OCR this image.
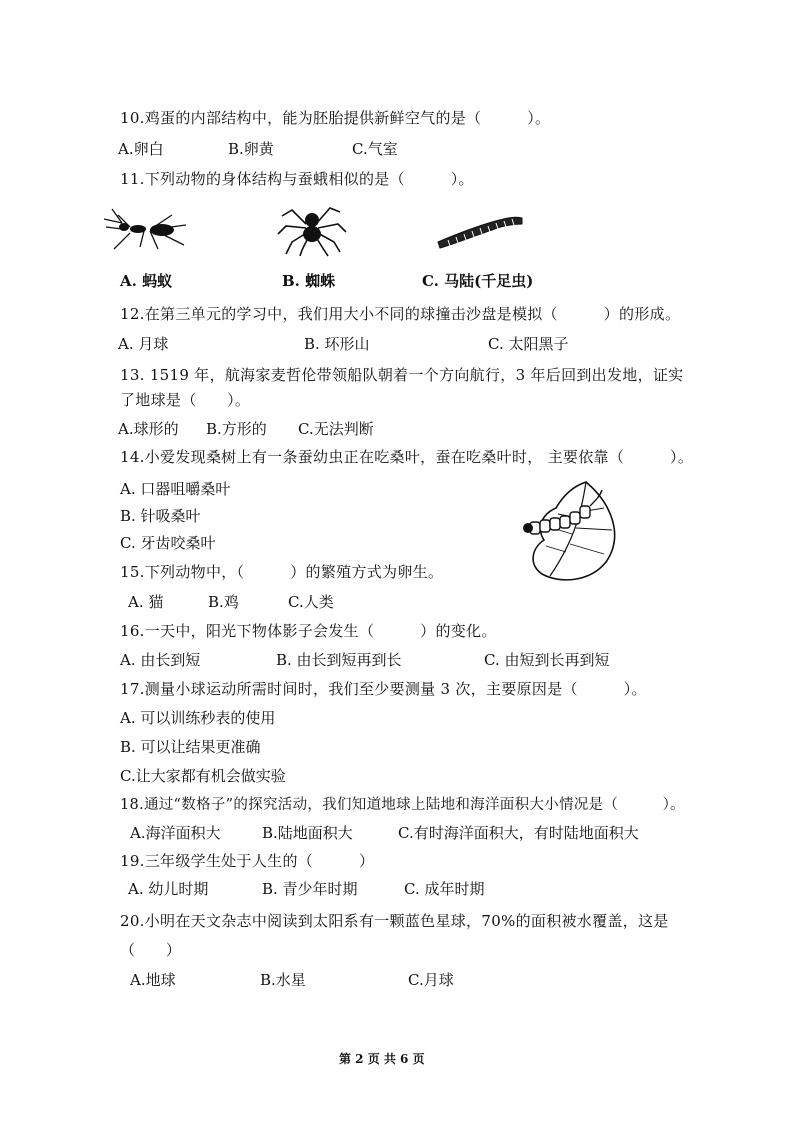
10.鸡蛋的内部结构中，能为胚胎提供新鲜空气的是（　　　）。
A.卵白	B.卵黄	C.气室
11.下列动物的身体结构与蚕蛾相似的是（　　　）。
A. 蚂蚁	B. 蜘蛛	C. 马陆(千足虫)
12.在第三单元的学习中，我们用大小不同的球撞击沙盘是模拟（　　　）的形成。
A. 月球	B. 环形山	C. 太阳黑子
13. 1519 年，航海家麦哲伦带领船队朝着一个方向航行，3 年后回到出发地，证实
了地球是（　　）。
A.球形的 B.方形的 C.无法判断
14.小爱发现桑树上有一条蚕幼虫正在吃桑叶，蚕在吃桑叶时， 主要依靠（　　　）。
A. 口器咀嚼桑叶
B. 针吸桑叶
C. 牙齿咬桑叶
15.下列动物中，（　　　）的繁殖方式为卵生。
A. 猫	B.鸡	C.人类
16.一天中，阳光下物体影子会发生（　　　）的变化。
A. 由长到短	B. 由长到短再到长	C. 由短到长再到短
17.测量小球运动所需时间时，我们至少要测量 3 次，主要原因是（　　　）。
A. 可以训练秒表的使用
B. 可以让结果更准确
C.让大家都有机会做实验
18.通过“数格子”的探究活动，我们知道地球上陆地和海洋面积大小情况是（　　　）。
A.海洋面积大	B.陆地面积大	C.有时海洋面积大，有时陆地面积大
19.三年级学生处于人生的（　　　）
A. 幼儿时期	B. 青少年时期	C. 成年时期
20.小明在天文杂志中阅读到太阳系有一颗蓝色星球，70%的面积被水覆盖，这是
（　　）
A.地球	B.水星	C.月球
第 2 页 共 6 页
